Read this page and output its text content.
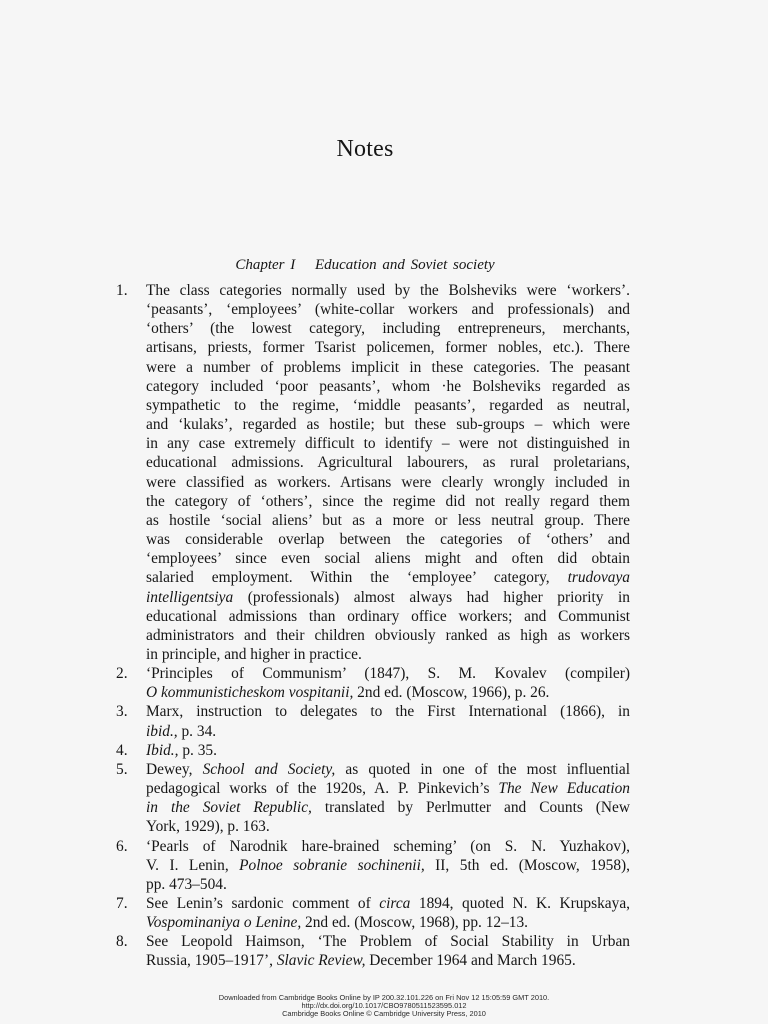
Notes
Chapter I Education and Soviet society
1.	The class categories normally used by the Bolsheviks were ‘workers’.
‘peasants’, ‘employees’ (white-collar workers and professionals) and
‘others’ (the lowest category, including entrepreneurs, merchants,
artisans, priests, former Tsarist policemen, former nobles, etc.). There
were a number of problems implicit in these categories. The peasant
category included ‘poor peasants’, whom ·he Bolsheviks regarded as
sympathetic to the regime, ‘middle peasants’, regarded as neutral,
and ‘kulaks’, regarded as hostile; but these sub-groups – which were
in any case extremely difficult to identify – were not distinguished in
educational admissions. Agricultural labourers, as rural proletarians,
were classified as workers. Artisans were clearly wrongly included in
the category of ‘others’, since the regime did not really regard them
as hostile ‘social aliens’ but as a more or less neutral group. There
was considerable overlap between the categories of ‘others’ and
‘employees’ since even social aliens might and often did obtain
salaried employment. Within the ‘employee’ category, trudovaya
intelligentsiya (professionals) almost always had higher priority in
educational admissions than ordinary office workers; and Communist
administrators and their children obviously ranked as high as workers
in principle, and higher in practice.
2.	‘Principles of Communism’ (1847), S. M. Kovalev (compiler)
O kommunisticheskom vospitanii, 2nd ed. (Moscow, 1966), p. 26.
3.	Marx, instruction to delegates to the First International (1866), in
ibid., p. 34.
4.	Ibid., p. 35.
5.	Dewey, School and Society, as quoted in one of the most influential
pedagogical works of the 1920s, A. P. Pinkevich’s The New Education
in the Soviet Republic, translated by Perlmutter and Counts (New
York, 1929), p. 163.
6.	‘Pearls of Narodnik hare-brained scheming’ (on S. N. Yuzhakov),
V. I. Lenin, Polnoe sobranie sochinenii, II, 5th ed. (Moscow, 1958),
pp. 473–504.
7.	See Lenin’s sardonic comment of circa 1894, quoted N. K. Krupskaya,
Vospominaniya o Lenine, 2nd ed. (Moscow, 1968), pp. 12–13.
8.	See Leopold Haimson, ‘The Problem of Social Stability in Urban
Russia, 1905–1917’, Slavic Review, December 1964 and March 1965.
Downloaded from Cambridge Books Online by IP 200.32.101.226 on Fri Nov 12 15:05:59 GMT 2010.
http://dx.doi.org/10.1017/CBO9780511523595.012
Cambridge Books Online © Cambridge University Press, 2010
